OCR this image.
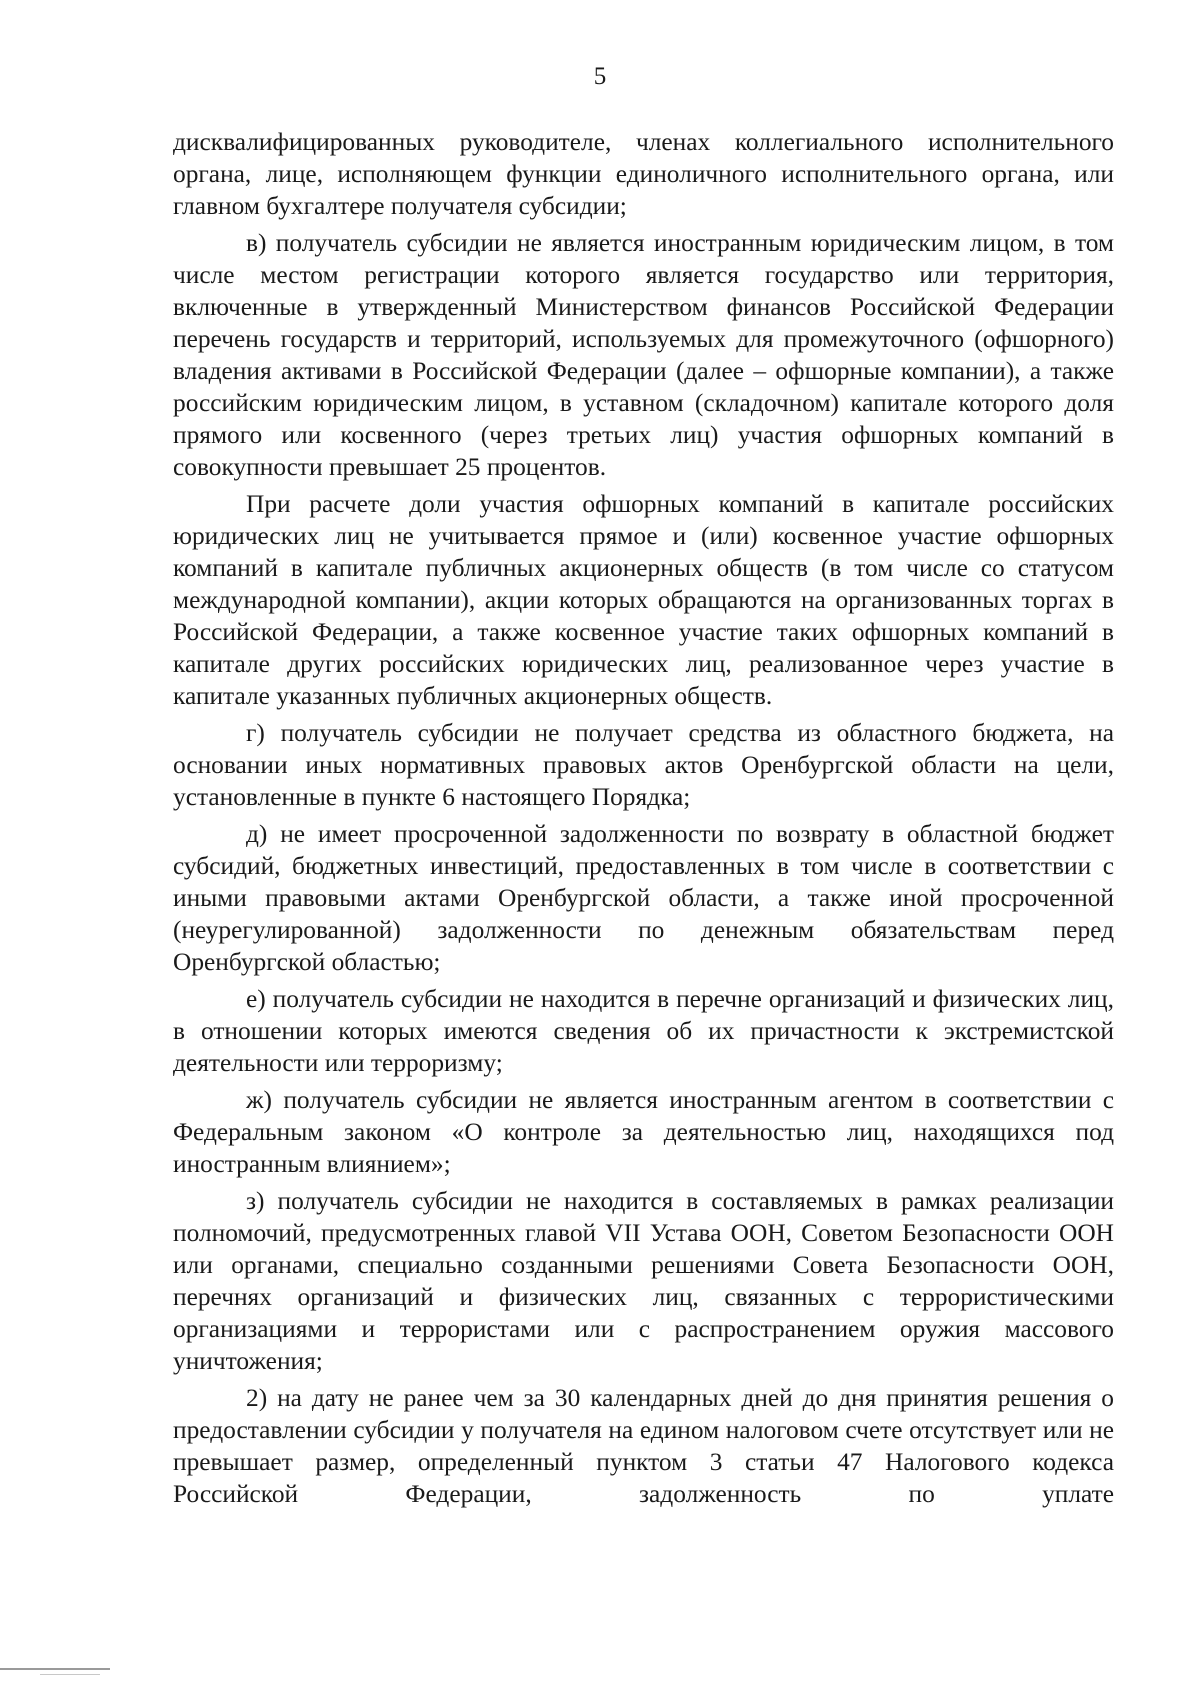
5

дисквалифицированных руководителе, членах коллегиального исполнительного органа, лице, исполняющем функции единоличного исполнительного органа, или главном бухгалтере получателя субсидии;

в) получатель субсидии не является иностранным юридическим лицом, в том числе местом регистрации которого является государство или территория, включенные в утвержденный Министерством финансов Российской Федерации перечень государств и территорий, используемых для промежуточного (офшорного) владения активами в Российской Федерации (далее – офшорные компании), а также российским юридическим лицом, в уставном (складочном) капитале которого доля прямого или косвенного (через третьих лиц) участия офшорных компаний в совокупности превышает 25 процентов.

При расчете доли участия офшорных компаний в капитале российских юридических лиц не учитывается прямое и (или) косвенное участие офшорных компаний в капитале публичных акционерных обществ (в том числе со статусом международной компании), акции которых обращаются на организованных торгах в Российской Федерации, а также косвенное участие таких офшорных компаний в капитале других российских юридических лиц, реализованное через участие в капитале указанных публичных акционерных обществ.

г) получатель субсидии не получает средства из областного бюджета, на основании иных нормативных правовых актов Оренбургской области на цели, установленные в пункте 6 настоящего Порядка;

д) не имеет просроченной задолженности по возврату в областной бюджет субсидий, бюджетных инвестиций, предоставленных в том числе в соответствии с иными правовыми актами Оренбургской области, а также иной просроченной (неурегулированной) задолженности по денежным обязательствам перед Оренбургской областью;

е) получатель субсидии не находится в перечне организаций и физических лиц, в отношении которых имеются сведения об их причастности к экстремистской деятельности или терроризму;

ж) получатель субсидии не является иностранным агентом в соответствии с Федеральным законом «О контроле за деятельностью лиц, находящихся под иностранным влиянием»;

з) получатель субсидии не находится в составляемых в рамках реализации полномочий, предусмотренных главой VII Устава ООН, Советом Безопасности ООН или органами, специально созданными решениями Совета Безопасности ООН, перечнях организаций и физических лиц, связанных с террористическими организациями и террористами или с распространением оружия массового уничтожения;

2) на дату не ранее чем за 30 календарных дней до дня принятия решения о предоставлении субсидии у получателя на едином налоговом счете отсутствует или не превышает размер, определенный пунктом 3 статьи 47 Налогового кодекса Российской Федерации, задолженность по уплате
